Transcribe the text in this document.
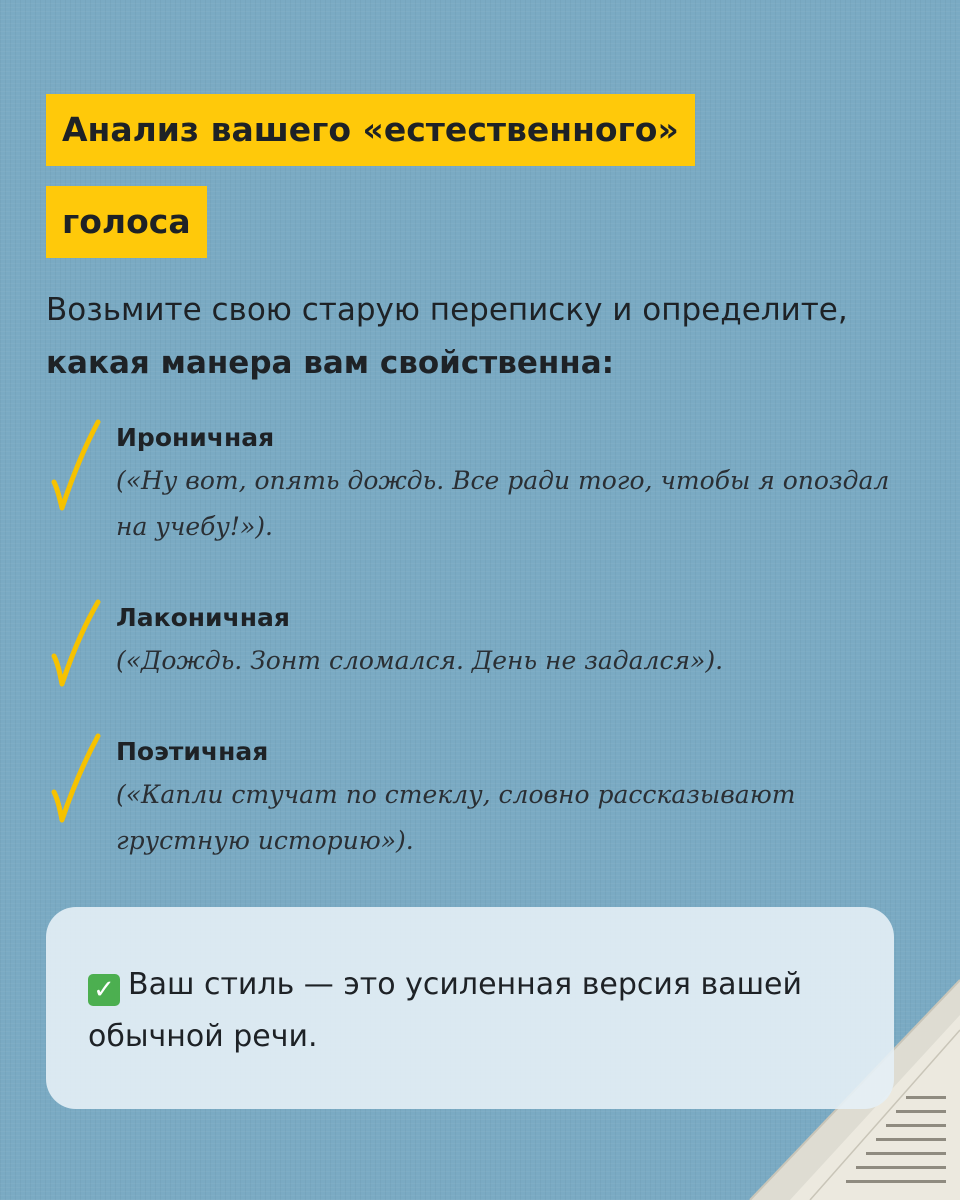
Анализ вашего «естественного»
голоса

Возьмите свою старую переписку и определите,
какая манера вам свойственна:

Ироничная

(«Ну вот, опять дождь. Все ради того, чтобы я опоздал на учебу!»).

Лаконичная

(«Дождь. Зонт сломался. День не задался»).

Поэтичная

(«Капли стучат по стеклу, словно рассказывают грустную историю»).

✓ Ваш стиль — это усиленная версия вашей обычной речи.
